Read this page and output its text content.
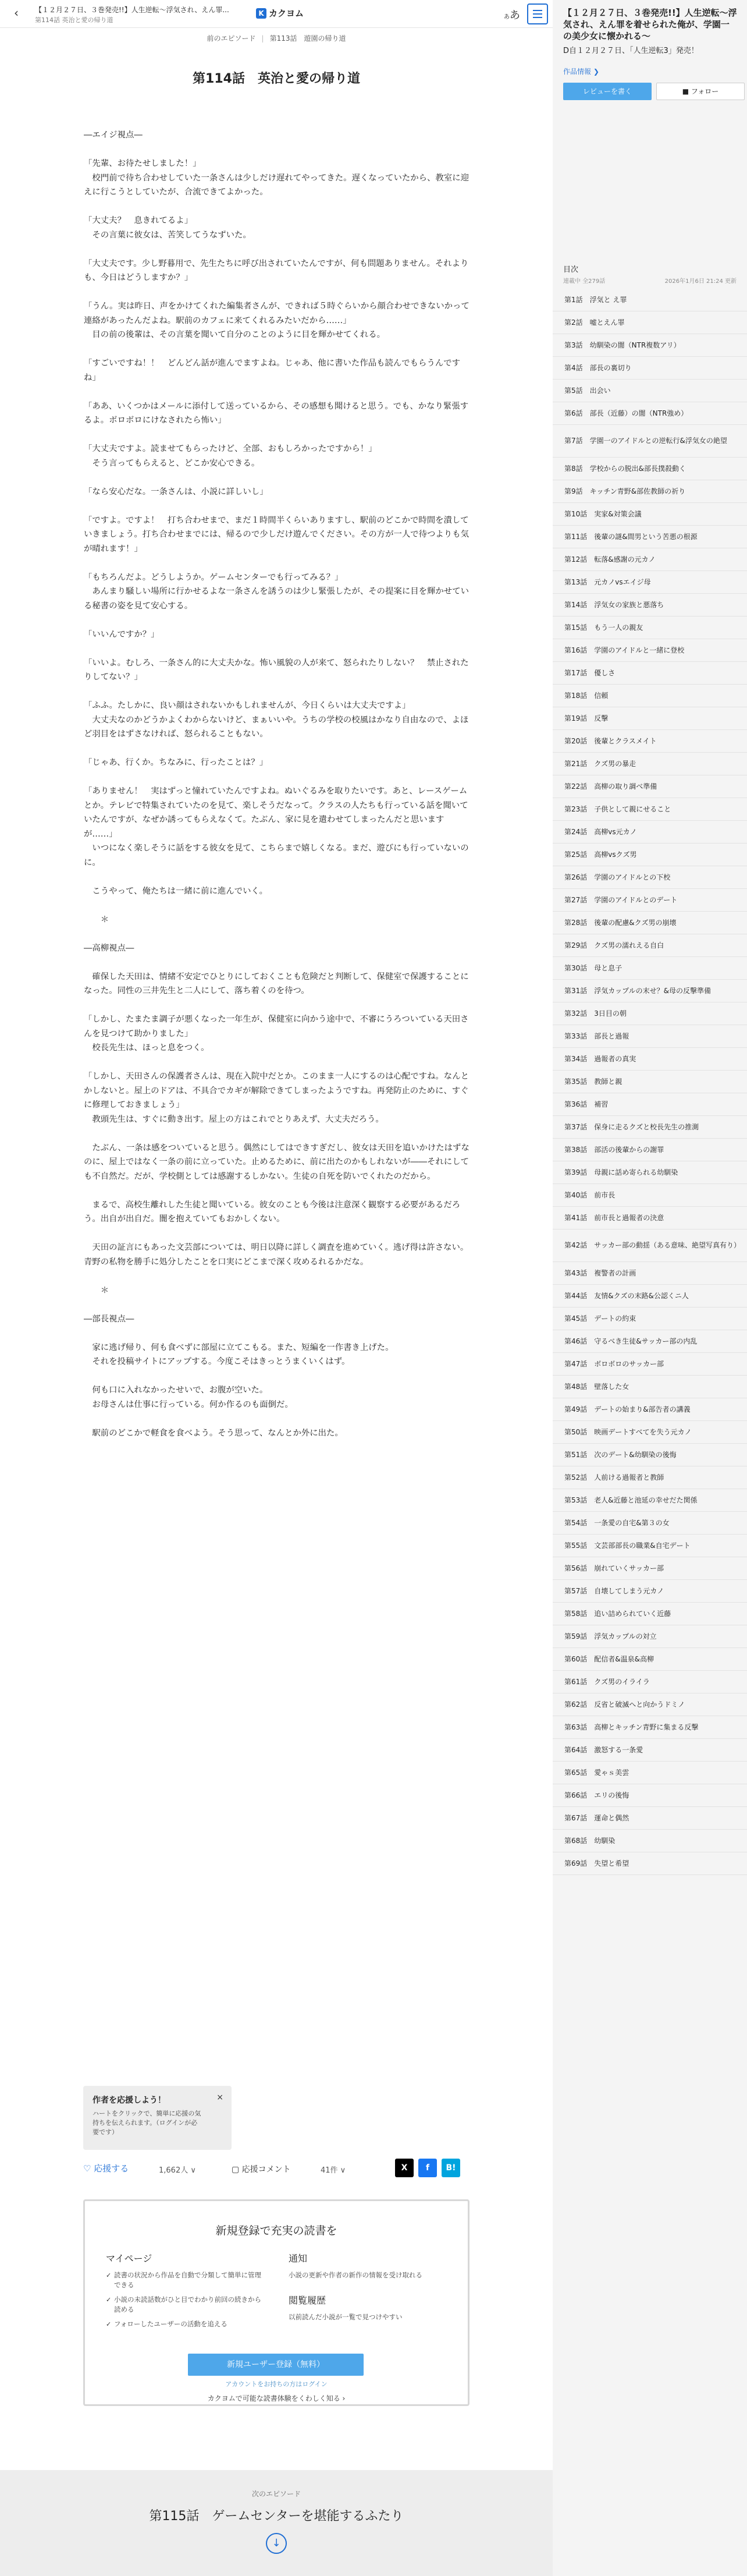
‹ 【１２月２７日、３巻発売!!】人生逆転〜浮気され、えん罪...
第114話 英治と愛の帰り道
K カクヨム	ああ
前のエピソード | 第113話　遊園の帰り道
第114話　英治と愛の帰り道

―エイジ視点―

「先輩、お待たせしました！」

　校門前で待ち合わせしていた一条さんは少しだけ遅れてやってきた。遅くなっていたから、教室に迎えに行こうとしていたが、合流できてよかった。

「大丈夫？　息きれてるよ」

　その言葉に彼女は、苦笑してうなずいた。

「大丈夫です。少し野暮用で、先生たちに呼び出されていたんですが、何も問題ありません。それよりも、今日はどうしますか？」

「うん。実は昨日、声をかけてくれた編集者さんが、できれば５時ぐらいから顔合わせできないかって連絡があったんだよね。駅前のカフェに来てくれるみたいだから……」

　目の前の後輩は、その言葉を聞いて自分のことのように目を輝かせてくれる。

「すごいですね！！　どんどん話が進んでますよね。じゃあ、他に書いた作品も読んでもらうんですね」

「ああ、いくつかはメールに添付して送っているから、その感想も聞けると思う。でも、かなり緊張するよ。ボロボロにけなされたら怖い」

「大丈夫ですよ。読ませてもらったけど、全部、おもしろかったですから！」

　そう言ってもらえると、どこか安心できる。

「なら安心だな。一条さんは、小説に詳しいし」

「ですよ。ですよ！　打ち合わせまで、まだ１時間半くらいありますし、駅前のどこかで時間を潰していきましょう。打ち合わせまでには、帰るので少しだけ遊んでください。その方が一人で待つよりも気が晴れます！」

「もちろんだよ。どうしようか。ゲームセンターでも行ってみる？」

　あんまり騒しい場所に行かせるよな一条さんを誘うのは少し緊張したが、その提案に目を輝かせている秘書の姿を見て安心する。

「いいんですか？」

「いいよ。むしろ、一条さん的に大丈夫かな。怖い風貌の人が来て、怒られたりしない？　禁止されたりしてない？」

「ふふ。たしかに、良い顔はされないかもしれませんが、今日くらいは大丈夫ですよ」

　大丈夫なのかどうかよくわからないけど、まぁいいや。うちの学校の校風はかなり自由なので、よほど羽目をはずさなければ、怒られることもない。

「じゃあ、行くか。ちなみに、行ったことは？」

「ありません！　実はずっと憧れていたんですよね。ぬいぐるみを取りたいです。あと、レースゲームとか。テレビで特集されていたのを見て、楽しそうだなって。クラスの人たちも行っている話を聞いていたんですが、なぜか誘ってもらえなくて。たぶん、家に見を遣わせてしまったんだと思いますが……」

　いつになく楽しそうに話をする彼女を見て、こちらまで嬉しくなる。まだ、遊びにも行っていないのに。

　こうやって、俺たちは一緒に前に進んでいく。

　　＊

―高柳視点―

　確保した天田は、情緒不安定でひとりにしておくことも危険だと判断して、保健室で保護することになった。同性の三井先生と二人にして、落ち着くのを待つ。

「しかし、たまたま調子が悪くなった一年生が、保健室に向かう途中で、不審にうろついている天田さんを見つけて助かりました」

　校長先生は、ほっと息をつく。

「しかし、天田さんの保護者さんは、現在入院中だとか。このまま一人にするのは心配ですね。なんとかしないと。屋上のドアは、不具合でカギが解除できてしまったようですね。再発防止のために、すぐに修理しておきましょう」

　教頭先生は、すぐに動き出す。屋上の方はこれでとりあえず、大丈夫だろう。

　たぶん、一条は感をついていると思う。偶然にしてはできすぎだし、彼女は天田を追いかけたはずなのに、屋上ではなく一条の前に立っていた。止めるために、前に出たのかもしれないが――それにしても不自然だ。だが、学校側としては感謝するしかない。生徒の自死を防いでくれたのだから。

　まるで、高校生離れした生徒と聞いている。彼女のことも今後は注意深く観察する必要があるだろう。出自が出自だ。闇を抱えていてもおかしくない。

　天田の証言にもあった文芸部については、明日以降に詳しく調査を進めていく。逃げ得は許さない。青野の私物を勝手に処分したことを口実にどこまで深く攻めるれるかだな。

　　＊

―部長視点―

　家に逃げ帰り、何も食べずに部屋に立てこもる。また、短編を一作書き上げた。

　それを投稿サイトにアップする。今度こそはきっとうまくいくはず。

　何も口に入れなかったせいで、お腹が空いた。

　お母さんは仕事に行っている。何か作るのも面倒だ。

　駅前のどこかで軽食を食べよう。そう思って、なんとか外に出た。

作者を応援しよう！
ハートをクリックで、簡単に応援の気持ちを伝えられます。（ログインが必要です）
×
♡ 応援する	1,662人 ∨	▢ 応援コメント	41件 ∨	X	f	B!
新規登録で充実の読書を
マイページ
✓ 読書の状況から作品を自動で分類して簡単に管理できる
✓ 小説の未読話数がひと目でわかり前回の続きから読める
✓ フォローしたユーザーの活動を追える
通知
小説の更新や作者の新作の情報を受け取れる
閲覧履歴
以前読んだ小説が一覧で見つけやすい
新規ユーザー登録（無料）
アカウントをお持ちの方はログイン
カクヨムで可能な読書体験をくわしく知る ›
次のエピソード
第115話　ゲームセンターを堪能するふたり
↓
【１２月２７日、３巻発売!!】人生逆転〜浮気され、えん罪を着せられた俺が、学園一の美少女に懐かれる〜
D自１２月２７日、「人生逆転3」発売！
作品情報 ❯
レビューを書く	■ フォロー
目次
連載中 全279話	2026年1月6日 21:24 更新
第1話　浮気と え罪
第2話　嘘とえん罪
第3話　幼馴染の闇（NTR複数アリ）
第4話　部長の裏切り
第5話　出会い
第6話　部長（近藤）の闇（NTR強め）
第7話　学園一のアイドルとの逆転行&浮気女の絶望
第8話　学校からの脱出&部長撲殺動く
第9話　キッチン青野&部佐教師の祈り
第10話　実家&対策会議
第11話　後輩の謎&間男という苦悪の根源
第12話　転落&感謝の元カノ
第13話　元カノvsエイジ母
第14話　浮気女の家族と悪落ち
第15話　もう一人の親友
第16話　学園のアイドルと一緒に登校
第17話　優しさ
第18話　信頼
第19話　反撃
第20話　後輩とクラスメイト
第21話　クズ男の暴走
第22話　高柳の取り調べ準備
第23話　子供として親にせること
第24話　高柳vs元カノ
第25話　高柳vsクズ男
第26話　学園のアイドルとの下校
第27話　学園のアイドルとのデート
第28話　後輩の配慮&クズ男の崩壊
第29話　クズ男の濡れえる自白
第30話　母と息子
第31話　浮気カップルの末せ？&母の反撃準備
第32話　3日目の朝
第33話　部長と過報
第34話　過報者の真実
第35話　教師と親
第36話　補習
第37話　保身に走るクズと校長先生の推測
第38話　部活の後輩からの謝罪
第39話　母親に話め寄られる幼馴染
第40話　前市長
第41話　前市長と過報者の決意
第42話　サッカー部の動揺（ある意味、絶望写真有り）
第43話　複警者の計画
第44話　友情&クズの末路&公認くニ人
第45話　デートの約束
第46話　守るべき生徒&サッカー部の内乱
第47話　ボロボロのサッカー部
第48話　壁落した女
第49話　デートの始まり&部告者の講義
第50話　映画デートすべてを失う元カノ
第51話　次のデート&幼馴染の後悔
第52話　人前ける過報者と教師
第53話　老人&近藤と池延の幸せだた関係
第54話　一条愛の自宅&第３の女
第55話　文芸部部長の職業&自宅デート
第56話　崩れていくサッカー部
第57話　自壊してしまう元カノ
第58話　追い詰められていく近藤
第59話　浮気カップルの対立
第60話　配信者&温泉&高柳
第61話　クズ男のイライラ
第62話　反省と破滅へと向かうドミノ
第63話　高柳とキッチン青野に集まる反撃
第64話　激怒する一条愛
第65話　愛ゃｓ美雲
第66話　エリの後悔
第67話　運命と偶然
第68話　幼馴染
第69話　失望と希望
